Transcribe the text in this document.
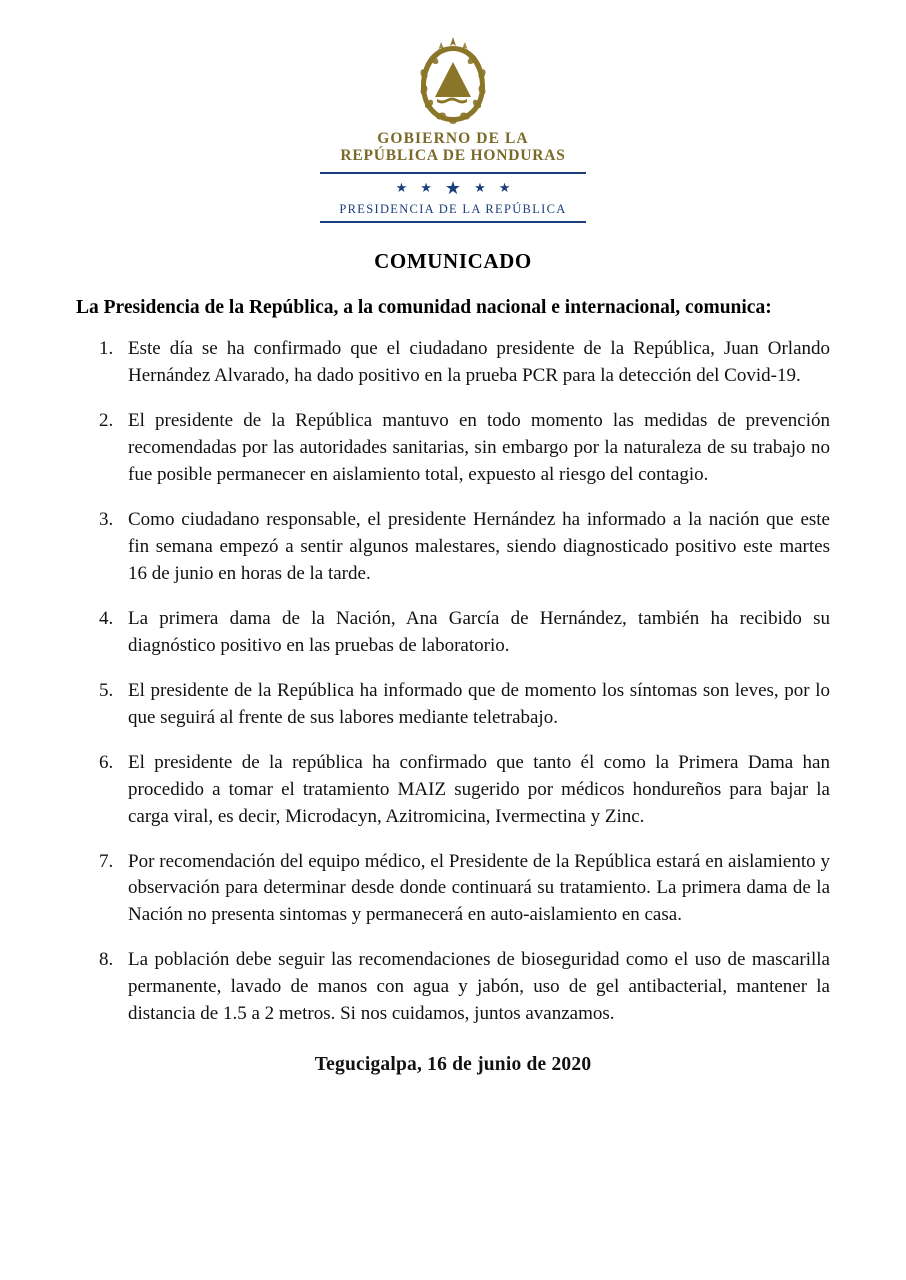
GOBIERNO DE LA
REPÚBLICA DE HONDURAS
★ ★ ★ ★ ★
PRESIDENCIA DE LA REPÚBLICA
COMUNICADO

La Presidencia de la República, a la comunidad nacional e internacional, comunica:

1. Este día se ha confirmado que el ciudadano presidente de la República, Juan Orlando Hernández Alvarado, ha dado positivo en la prueba PCR para la detección del Covid-19.
2. El presidente de la República mantuvo en todo momento las medidas de prevención recomendadas por las autoridades sanitarias, sin embargo por la naturaleza de su trabajo no fue posible permanecer en aislamiento total, expuesto al riesgo del contagio.
3. Como ciudadano responsable, el presidente Hernández ha informado a la nación que este fin semana empezó a sentir algunos malestares, siendo diagnosticado positivo este martes 16 de junio en horas de la tarde.
4. La primera dama de la Nación, Ana García de Hernández, también ha recibido su diagnóstico positivo en las pruebas de laboratorio.
5. El presidente de la República ha informado que de momento los síntomas son leves, por lo que seguirá al frente de sus labores mediante teletrabajo.
6. El presidente de la república ha confirmado que tanto él como la Primera Dama han procedido a tomar el tratamiento MAIZ sugerido por médicos hondureños para bajar la carga viral, es decir, Microdacyn, Azitromicina, Ivermectina y Zinc.
7. Por recomendación del equipo médico, el Presidente de la República estará en aislamiento y observación para determinar desde donde continuará su tratamiento. La primera dama de la Nación no presenta sintomas y permanecerá en auto-aislamiento en casa.
8. La población debe seguir las recomendaciones de bioseguridad como el uso de mascarilla permanente, lavado de manos con agua y jabón, uso de gel antibacterial, mantener la distancia de 1.5 a 2 metros. Si nos cuidamos, juntos avanzamos.
Tegucigalpa, 16 de junio de 2020
